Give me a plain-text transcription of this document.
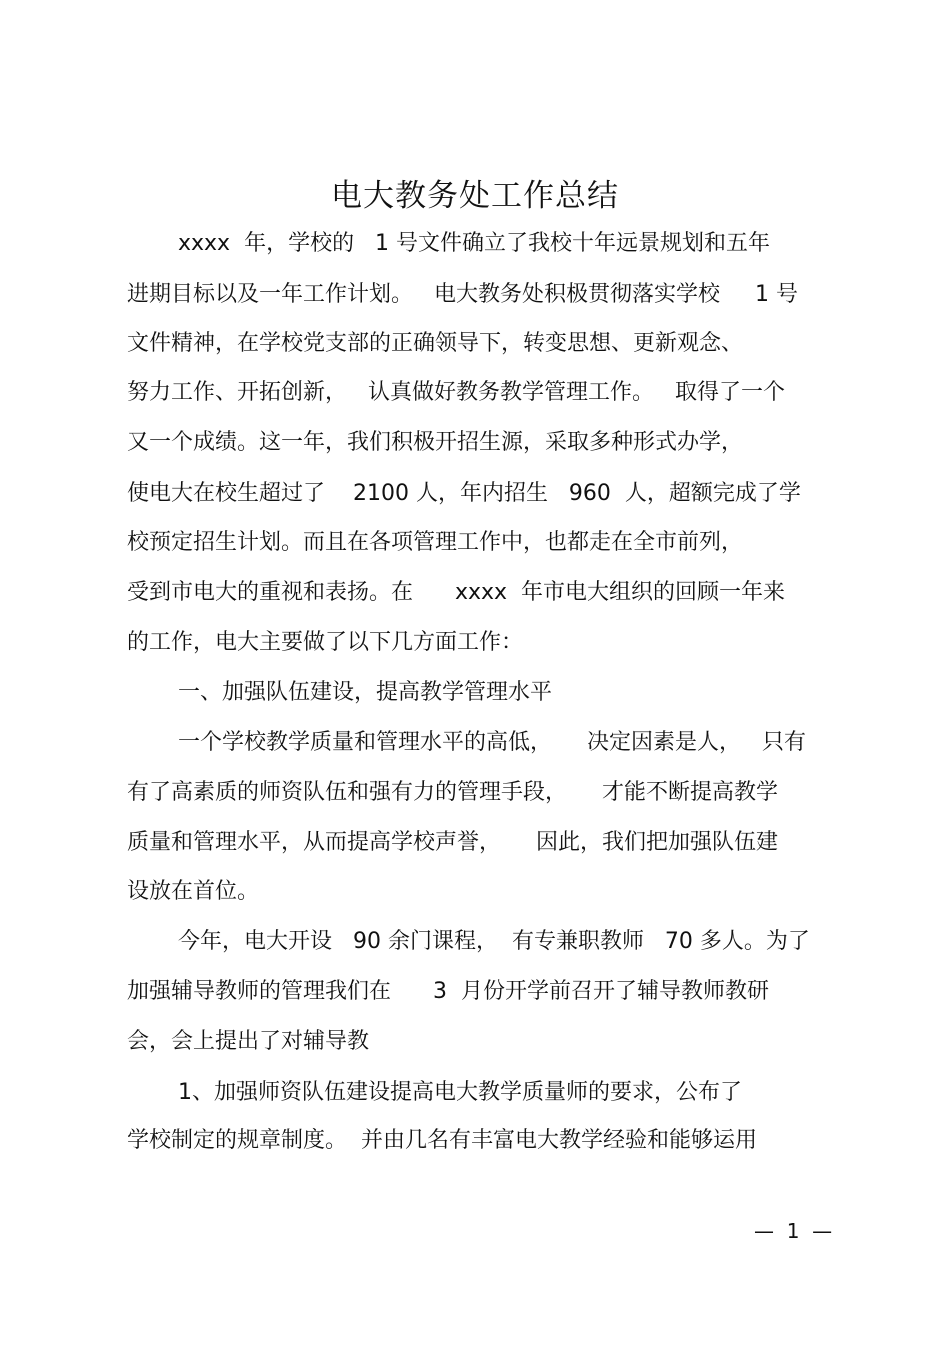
电大教务处工作总结
xxxx  年，学校的   1 号文件确立了我校十年远景规划和五年
进期目标以及一年工作计划。   电大教务处积极贯彻落实学校     1 号
文件精神，在学校党支部的正确领导下，转变思想、更新观念、
努力工作、开拓创新，   认真做好教务教学管理工作。   取得了一个
又一个成绩。这一年，我们积极开招生源，采取多种形式办学，
使电大在校生超过了    2100 人，年内招生   960  人，超额完成了学
校预定招生计划。而且在各项管理工作中，也都走在全市前列，
受到市电大的重视和表扬。在      xxxx  年市电大组织的回顾一年来
的工作，电大主要做了以下几方面工作：
一、加强队伍建设，提高教学管理水平
一个学校教学质量和管理水平的高低，     决定因素是人，   只有
有了高素质的师资队伍和强有力的管理手段，     才能不断提高教学
质量和管理水平，从而提高学校声誉，     因此，我们把加强队伍建
设放在首位。
今年，电大开设   90 余门课程，  有专兼职教师   70 多人。为了
加强辅导教师的管理我们在      3  月份开学前召开了辅导教师教研
会，会上提出了对辅导教
1、加强师资队伍建设提高电大教学质量师的要求，公布了
学校制定的规章制度。  并由几名有丰富电大教学经验和能够运用
—  1  —
